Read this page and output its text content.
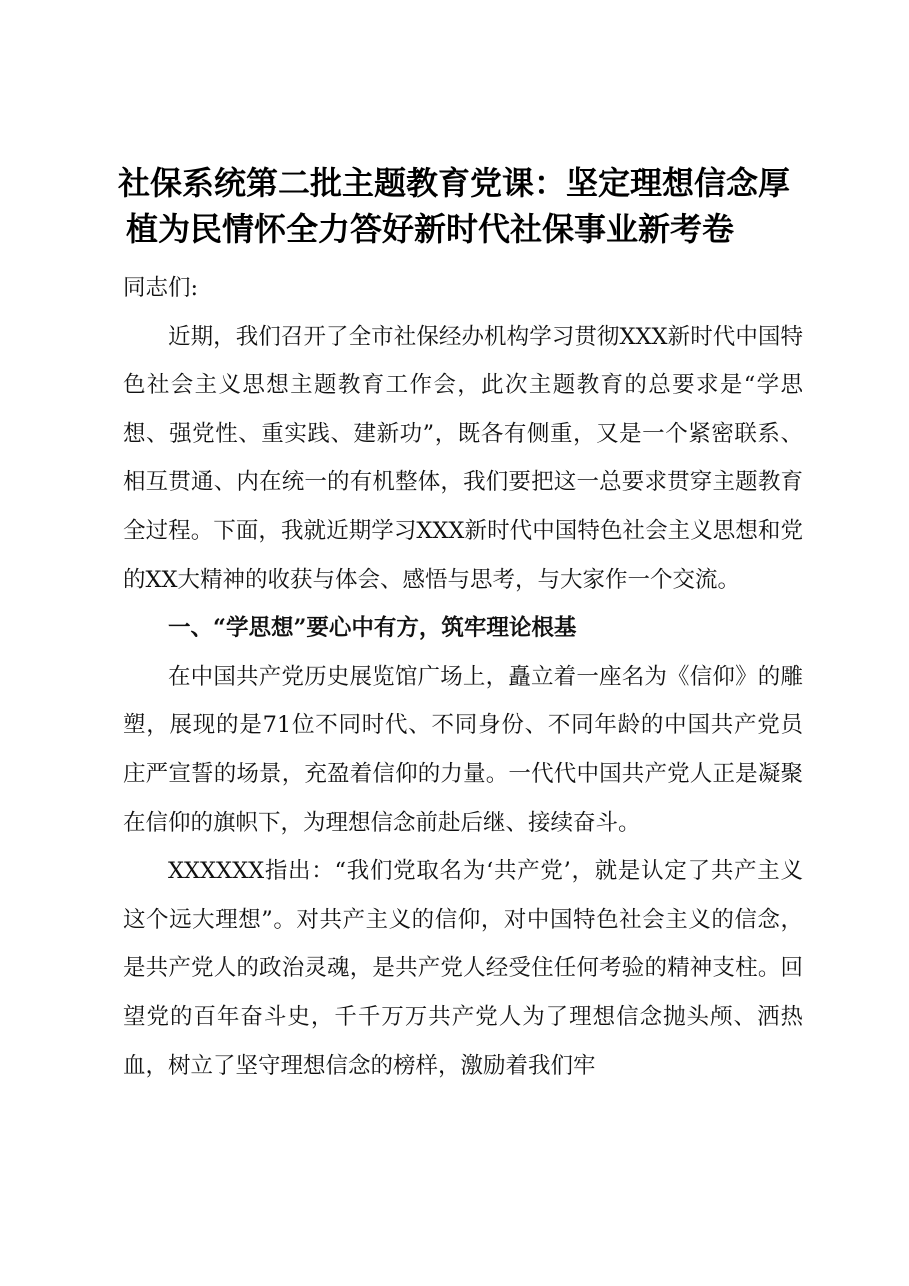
社保系统第二批主题教育党课：坚定理想信念厚
植为民情怀全力答好新时代社保事业新考卷

同志们:

近期，我们召开了全市社保经办机构学习贯彻XXX新时代中国特色社会主义思想主题教育工作会，此次主题教育的总要求是“学思想、强党性、重实践、建新功”，既各有侧重，又是一个紧密联系、相互贯通、内在统一的有机整体，我们要把这一总要求贯穿主题教育全过程。下面，我就近期学习XXX新时代中国特色社会主义思想和党的XX大精神的收获与体会、感悟与思考，与大家作一个交流。

一、“学思想”要心中有方，筑牢理论根基

在中国共产党历史展览馆广场上，矗立着一座名为《信仰》的雕塑，展现的是71位不同时代、不同身份、不同年龄的中国共产党员庄严宣誓的场景，充盈着信仰的力量。一代代中国共产党人正是凝聚在信仰的旗帜下，为理想信念前赴后继、接续奋斗。

XXXXXX指出：“我们党取名为‘共产党’，就是认定了共产主义这个远大理想”。对共产主义的信仰，对中国特色社会主义的信念，是共产党人的政治灵魂，是共产党人经受住任何考验的精神支柱。回望党的百年奋斗史，千千万万共产党人为了理想信念抛头颅、洒热血，树立了坚守理想信念的榜样，激励着我们牢
